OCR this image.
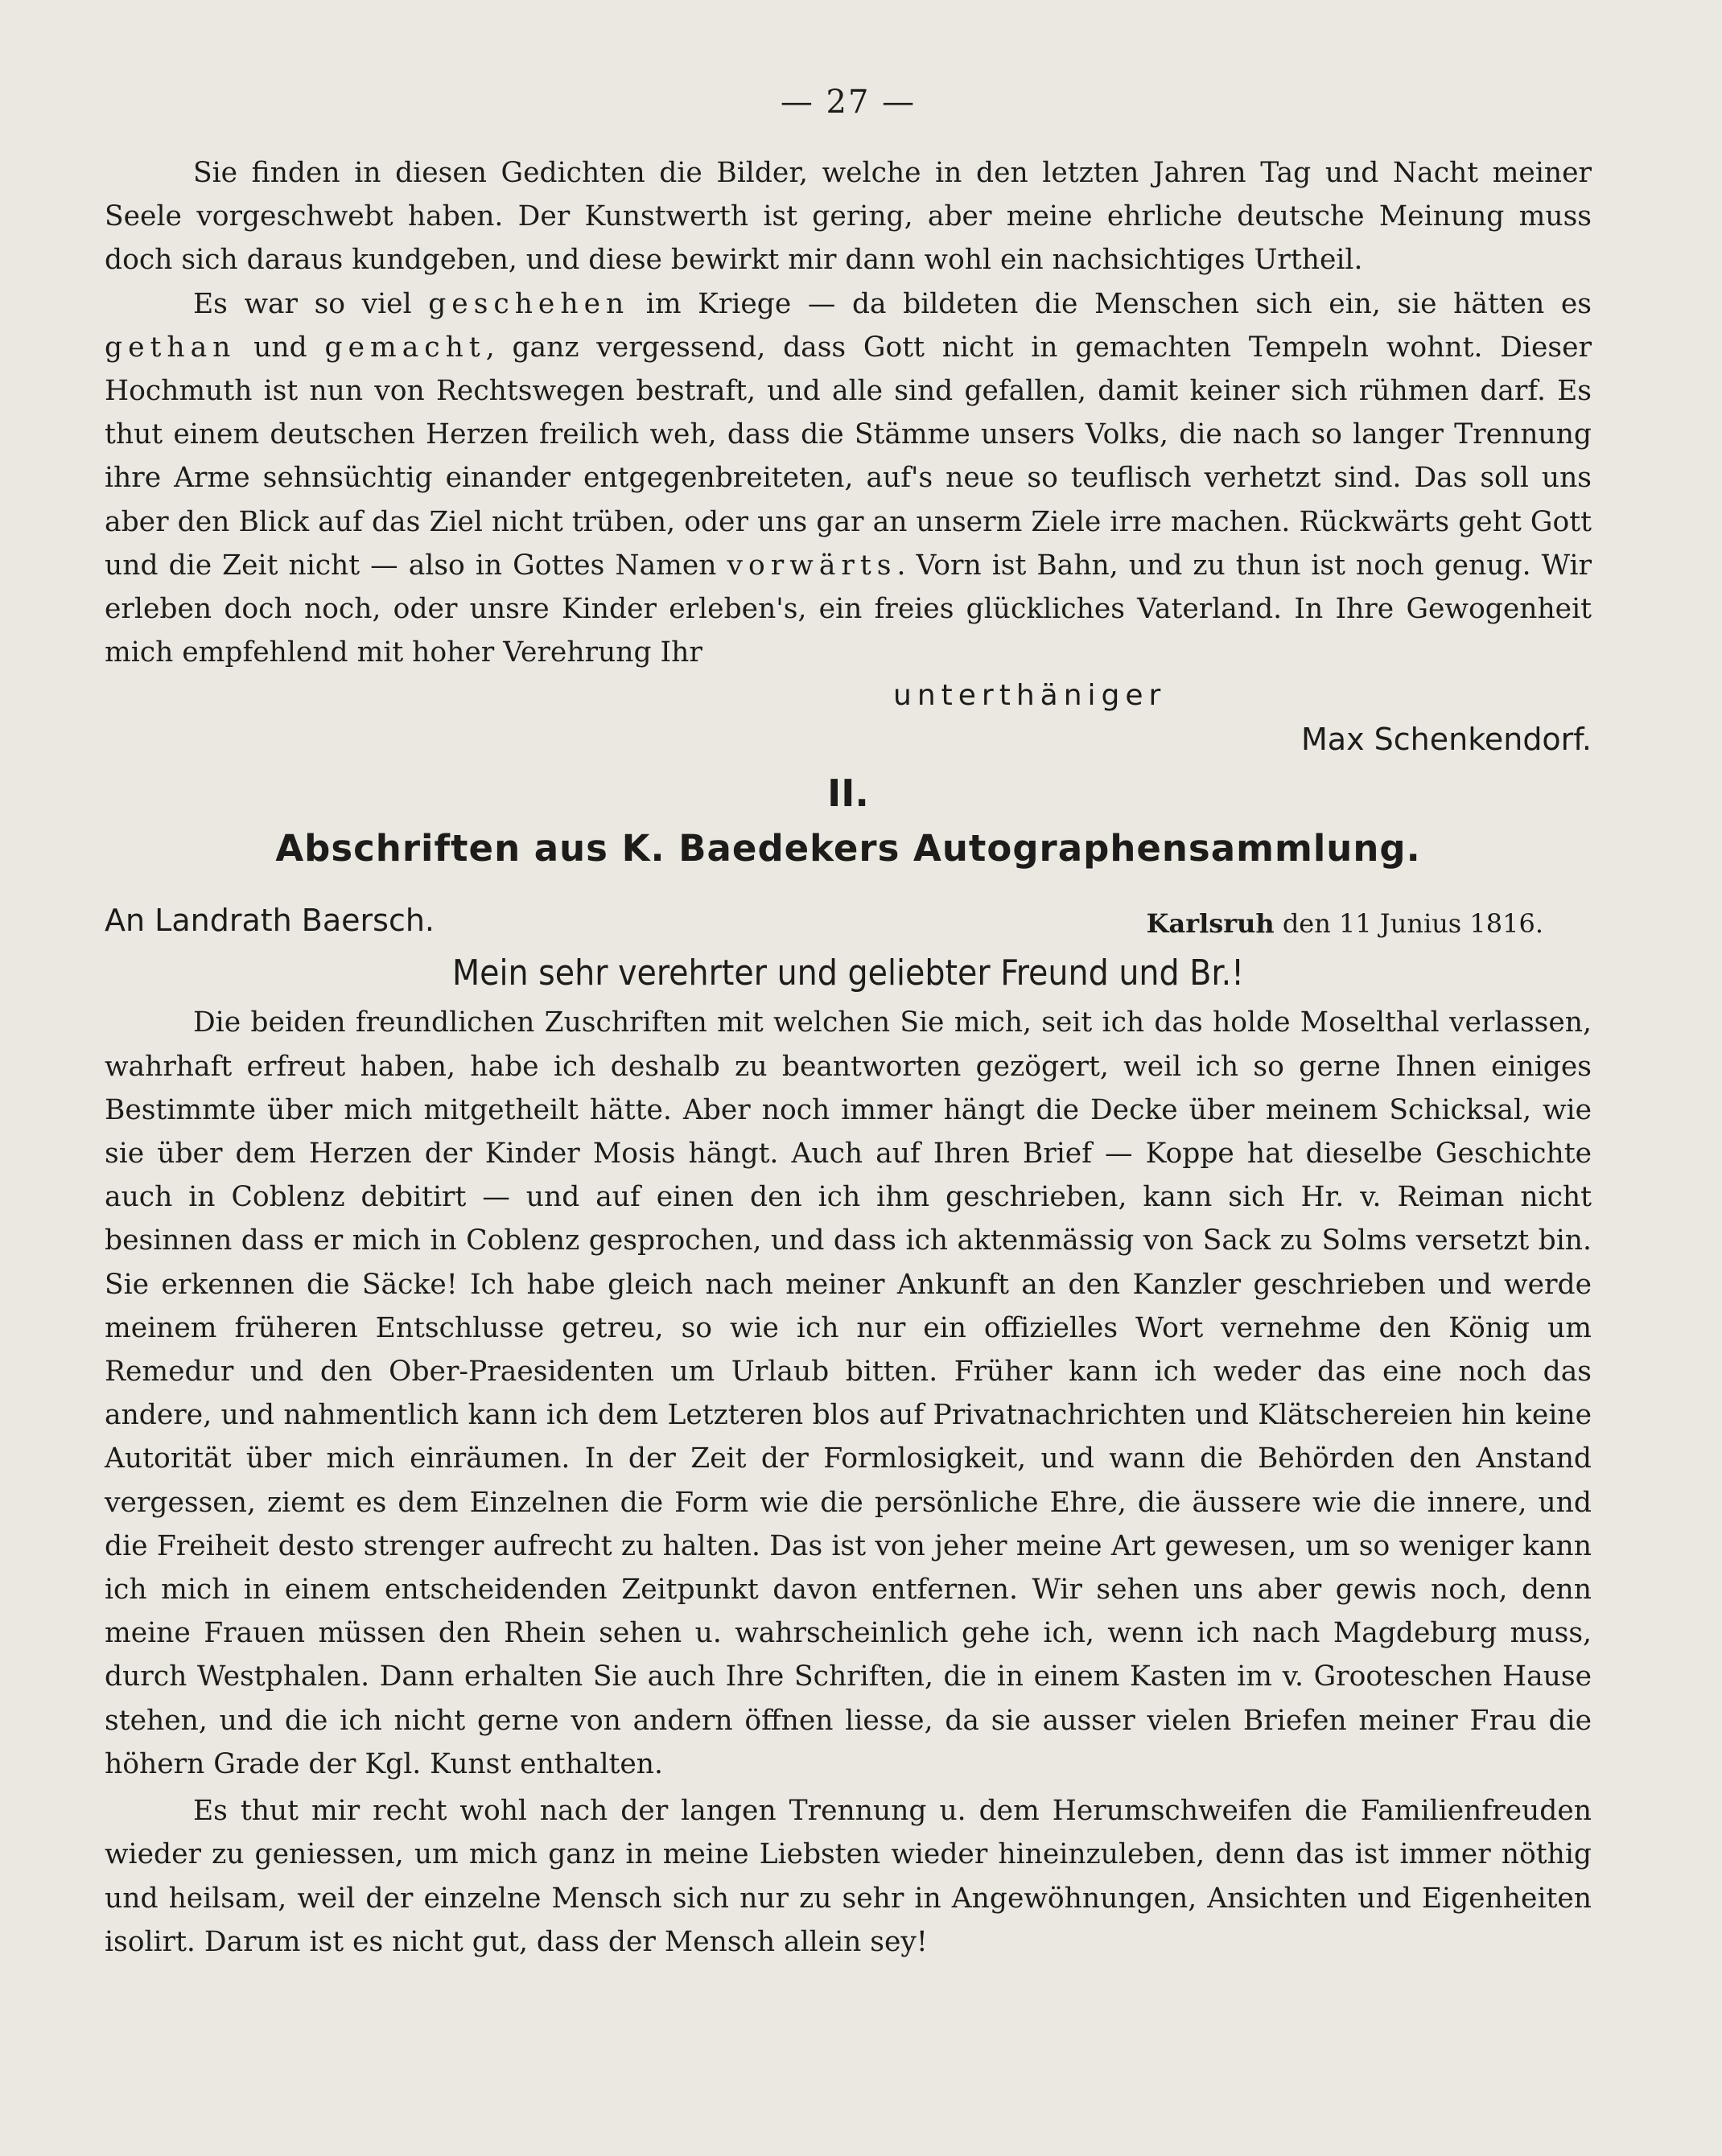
— 27 —

Sie finden in diesen Gedichten die Bilder, welche in den letzten Jahren Tag und Nacht meiner Seele vorgeschwebt haben. Der Kunstwerth ist gering, aber meine ehrliche deutsche Meinung muss doch sich daraus kundgeben, und diese bewirkt mir dann wohl ein nachsichtiges Urtheil.

Es war so viel geschehen im Kriege — da bildeten die Menschen sich ein, sie hätten es gethan und gemacht, ganz vergessend, dass Gott nicht in gemachten Tempeln wohnt. Dieser Hochmuth ist nun von Rechtswegen bestraft, und alle sind gefallen, damit keiner sich rühmen darf. Es thut einem deutschen Herzen freilich weh, dass die Stämme unsers Volks, die nach so langer Trennung ihre Arme sehnsüchtig einander entgegenbreiteten, auf's neue so teuflisch verhetzt sind. Das soll uns aber den Blick auf das Ziel nicht trüben, oder uns gar an unserm Ziele irre machen. Rückwärts geht Gott und die Zeit nicht — also in Gottes Namen vorwärts. Vorn ist Bahn, und zu thun ist noch genug. Wir erleben doch noch, oder unsre Kinder erleben's, ein freies glückliches Vaterland. In Ihre Gewogenheit mich empfehlend mit hoher Verehrung Ihr

unterthäniger
Max Schenkendorf.
II.
Abschriften aus K. Baedekers Autographensammlung.
An Landrath Baersch.	Karlsruh den 11 Junius 1816.
Mein sehr verehrter und geliebter Freund und Br.!

Die beiden freundlichen Zuschriften mit welchen Sie mich, seit ich das holde Moselthal verlassen, wahrhaft erfreut haben, habe ich deshalb zu beantworten gezögert, weil ich so gerne Ihnen einiges Bestimmte über mich mitgetheilt hätte. Aber noch immer hängt die Decke über meinem Schicksal, wie sie über dem Herzen der Kinder Mosis hängt. Auch auf Ihren Brief — Koppe hat dieselbe Geschichte auch in Coblenz debitirt — und auf einen den ich ihm geschrieben, kann sich Hr. v. Reiman nicht besinnen dass er mich in Coblenz gesprochen, und dass ich aktenmässig von Sack zu Solms versetzt bin. Sie erkennen die Säcke! Ich habe gleich nach meiner Ankunft an den Kanzler geschrieben und werde meinem früheren Entschlusse getreu, so wie ich nur ein offizielles Wort vernehme den König um Remedur und den Ober-Praesidenten um Urlaub bitten. Früher kann ich weder das eine noch das andere, und nahmentlich kann ich dem Letzteren blos auf Privatnachrichten und Klätschereien hin keine Autorität über mich einräumen. In der Zeit der Formlosigkeit, und wann die Behörden den Anstand vergessen, ziemt es dem Einzelnen die Form wie die persönliche Ehre, die äussere wie die innere, und die Freiheit desto strenger aufrecht zu halten. Das ist von jeher meine Art gewesen, um so weniger kann ich mich in einem entscheidenden Zeitpunkt davon entfernen. Wir sehen uns aber gewis noch, denn meine Frauen müssen den Rhein sehen u. wahrscheinlich gehe ich, wenn ich nach Magdeburg muss, durch Westphalen. Dann erhalten Sie auch Ihre Schriften, die in einem Kasten im v. Grooteschen Hause stehen, und die ich nicht gerne von andern öffnen liesse, da sie ausser vielen Briefen meiner Frau die höhern Grade der Kgl. Kunst enthalten.

Es thut mir recht wohl nach der langen Trennung u. dem Herumschweifen die Familienfreuden wieder zu geniessen, um mich ganz in meine Liebsten wieder hineinzuleben, denn das ist immer nöthig und heilsam, weil der einzelne Mensch sich nur zu sehr in Angewöhnungen, Ansichten und Eigenheiten isolirt. Darum ist es nicht gut, dass der Mensch allein sey!
